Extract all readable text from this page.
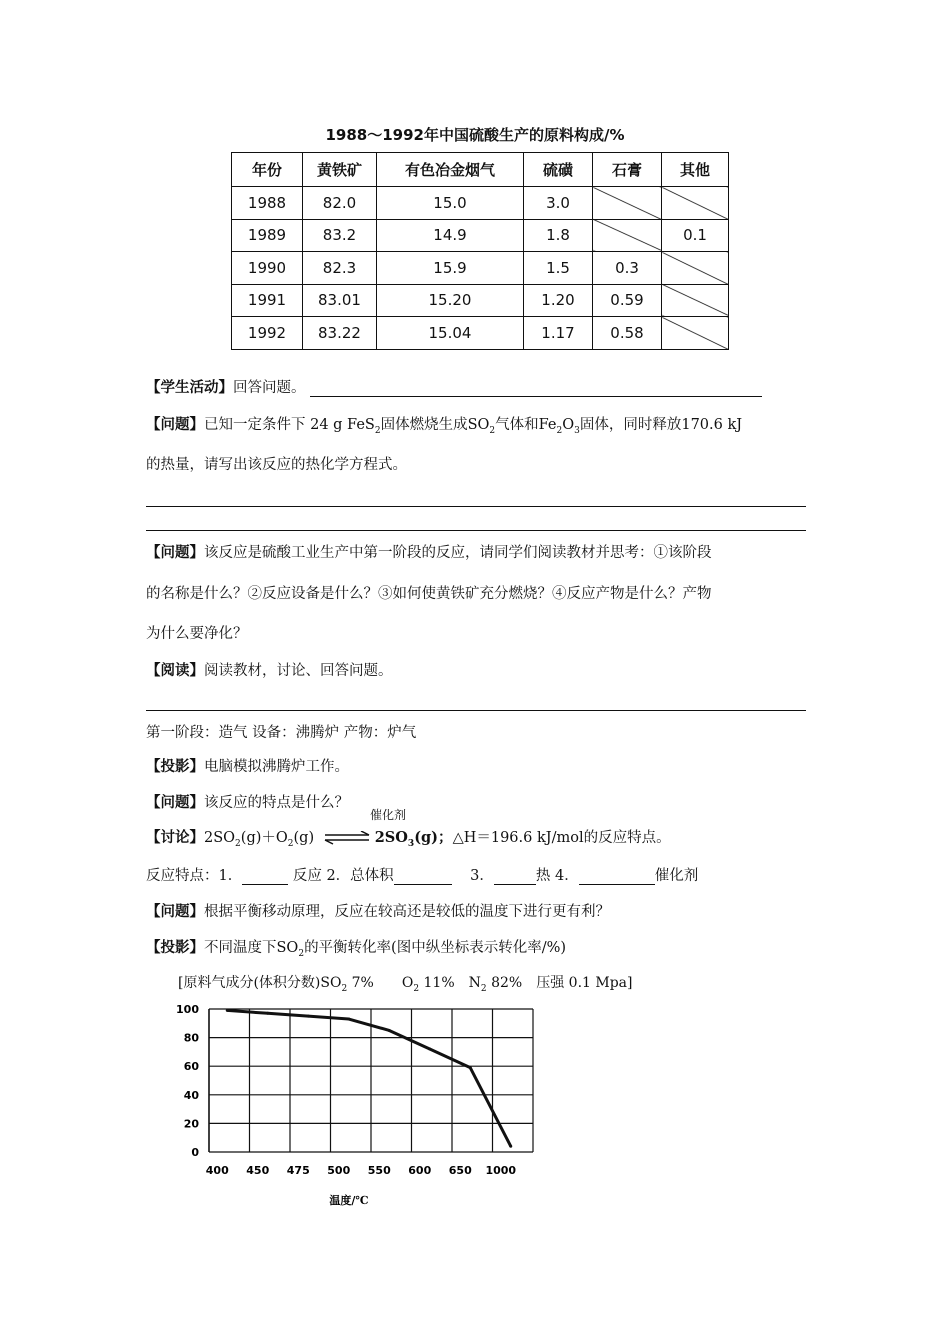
1988～1992年中国硫酸生产的原料构成/%
年份	黄铁矿	有色冶金烟气	硫磺	石膏	其他
1988	82.0	15.0	3.0		
1989	83.2	14.9	1.8		0.1
1990	82.3	15.9	1.5	0.3	
1991	83.01	15.20	1.20	0.59	
1992	83.22	15.04	1.17	0.58	
【学生活动】回答问题。
【问题】已知一定条件下 24 g FeS$_2$固体燃烧生成$SO_2$气体和$Fe_2O_3$固体，同时释放170.6 kJ
的热量，请写出该反应的热化学方程式。
【问题】该反应是硫酸工业生产中第一阶段的反应，请同学们阅读教材并思考：①该阶段
的名称是什么？②反应设备是什么？③如何使黄铁矿充分燃烧？④反应产物是什么？产物
为什么要净化？
【阅读】阅读教材，讨论、回答问题。
第一阶段：造气 设备：沸腾炉 产物：炉气
【投影】电脑模拟沸腾炉工作。
【问题】该反应的特点是什么？
催化剂
【讨论】$2SO_2(g)+O_2(g)$ ⇌ $2SO_3(g)$；△H＝196.6 kJ/mol的反应特点。
反应特点：1．	反应 2．总体积	3．	热 4．	催化剂
【问题】根据平衡移动原理，反应在较高还是较低的温度下进行更有利？
【投影】不同温度下$SO_2$的平衡转化率(图中纵坐标表示转化率/%)
[原料气成分(体积分数)$SO_2$ 7%　　$O_2$ 11%　$N_2$ 82%　压强 0.1 Mpa]
100
80
60
40
20
0
400 450 475 500 550 600 650 1000
温度/℃
